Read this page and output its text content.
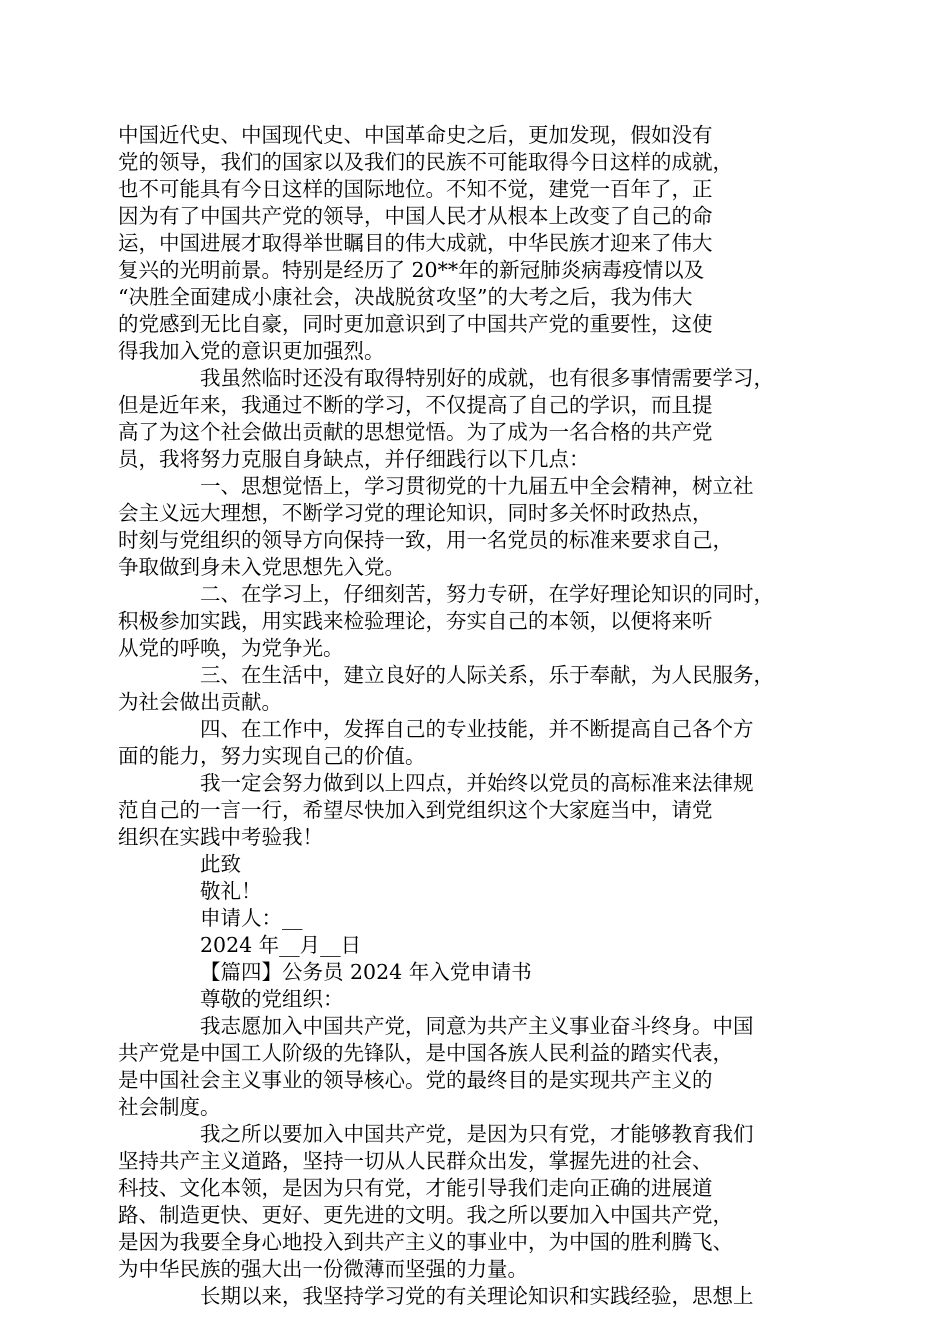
中国近代史、中国现代史、中国革命史之后，更加发现，假如没有
党的领导，我们的国家以及我们的民族不可能取得今日这样的成就，
也不可能具有今日这样的国际地位。不知不觉，建党一百年了，正
因为有了中国共产党的领导，中国人民才从根本上改变了自己的命
运，中国进展才取得举世瞩目的伟大成就，中华民族才迎来了伟大
复兴的光明前景。特别是经历了 20**年的新冠肺炎病毒疫情以及
“决胜全面建成小康社会，决战脱贫攻坚”的大考之后，我为伟大
的党感到无比自豪，同时更加意识到了中国共产党的重要性，这使
得我加入党的意识更加强烈。
我虽然临时还没有取得特别好的成就，也有很多事情需要学习，
但是近年来，我通过不断的学习，不仅提高了自己的学识，而且提
高了为这个社会做出贡献的思想觉悟。为了成为一名合格的共产党
员，我将努力克服自身缺点，并仔细践行以下几点：
一、思想觉悟上，学习贯彻党的十九届五中全会精神，树立社
会主义远大理想，不断学习党的理论知识，同时多关怀时政热点，
时刻与党组织的领导方向保持一致，用一名党员的标准来要求自己，
争取做到身未入党思想先入党。
二、在学习上，仔细刻苦，努力专研，在学好理论知识的同时，
积极参加实践，用实践来检验理论，夯实自己的本领，以便将来听
从党的呼唤，为党争光。
三、在生活中，建立良好的人际关系，乐于奉献，为人民服务，
为社会做出贡献。
四、在工作中，发挥自己的专业技能，并不断提高自己各个方
面的能力，努力实现自己的价值。
我一定会努力做到以上四点，并始终以党员的高标准来法律规
范自己的一言一行，希望尽快加入到党组织这个大家庭当中，请党
组织在实践中考验我！
此致
敬礼！
申请人：__
2024 年__月__日
【篇四】公务员 2024 年入党申请书
尊敬的党组织：
我志愿加入中国共产党，同意为共产主义事业奋斗终身。中国
共产党是中国工人阶级的先锋队，是中国各族人民利益的踏实代表，
是中国社会主义事业的领导核心。党的最终目的是实现共产主义的
社会制度。
我之所以要加入中国共产党，是因为只有党，才能够教育我们
坚持共产主义道路，坚持一切从人民群众出发，掌握先进的社会、
科技、文化本领，是因为只有党，才能引导我们走向正确的进展道
路、制造更快、更好、更先进的文明。我之所以要加入中国共产党，
是因为我要全身心地投入到共产主义的事业中，为中国的胜利腾飞、
为中华民族的强大出一份微薄而坚强的力量。
长期以来，我坚持学习党的有关理论知识和实践经验，思想上
